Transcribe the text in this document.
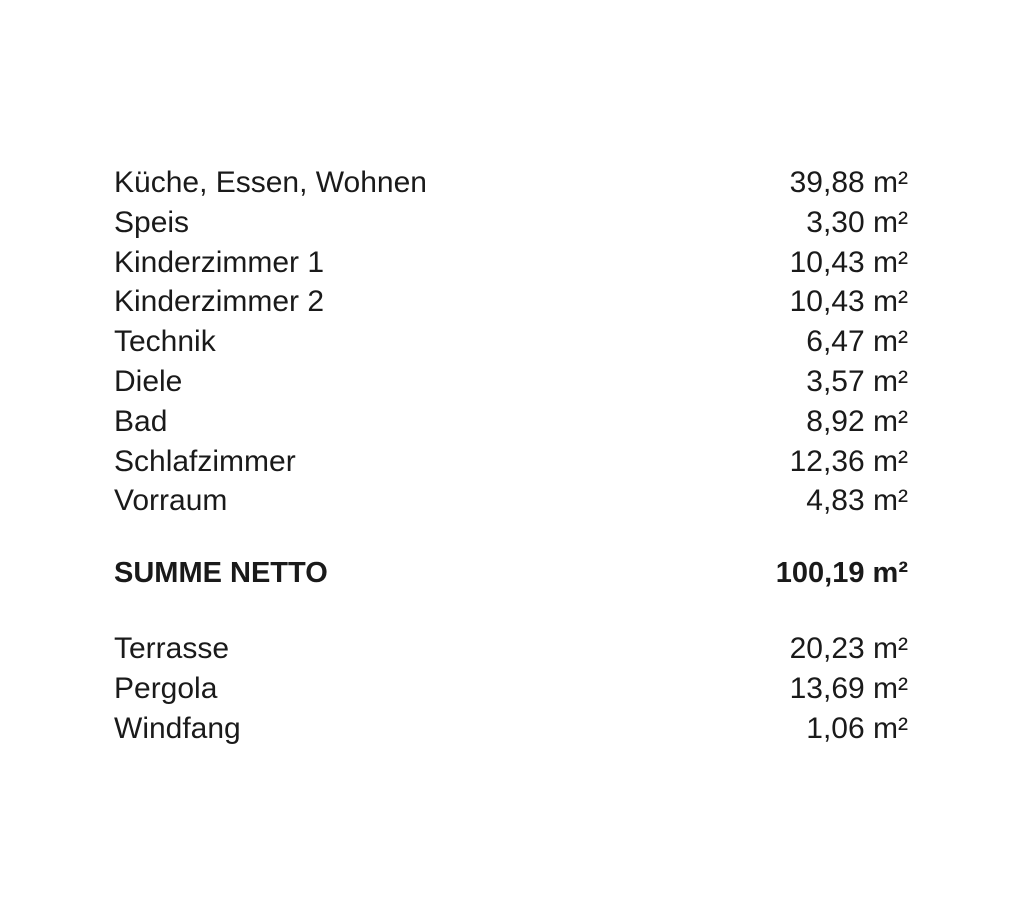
Küche, Essen, Wohnen	39,88 m²
Speis	3,30 m²
Kinderzimmer 1	10,43 m²
Kinderzimmer 2	10,43 m²
Technik	6,47 m²
Diele	3,57 m²
Bad	8,92 m²
Schlafzimmer	12,36 m²
Vorraum	4,83 m²
SUMME NETTO	100,19 m²
Terrasse	20,23 m²
Pergola	13,69 m²
Windfang	1,06 m²
